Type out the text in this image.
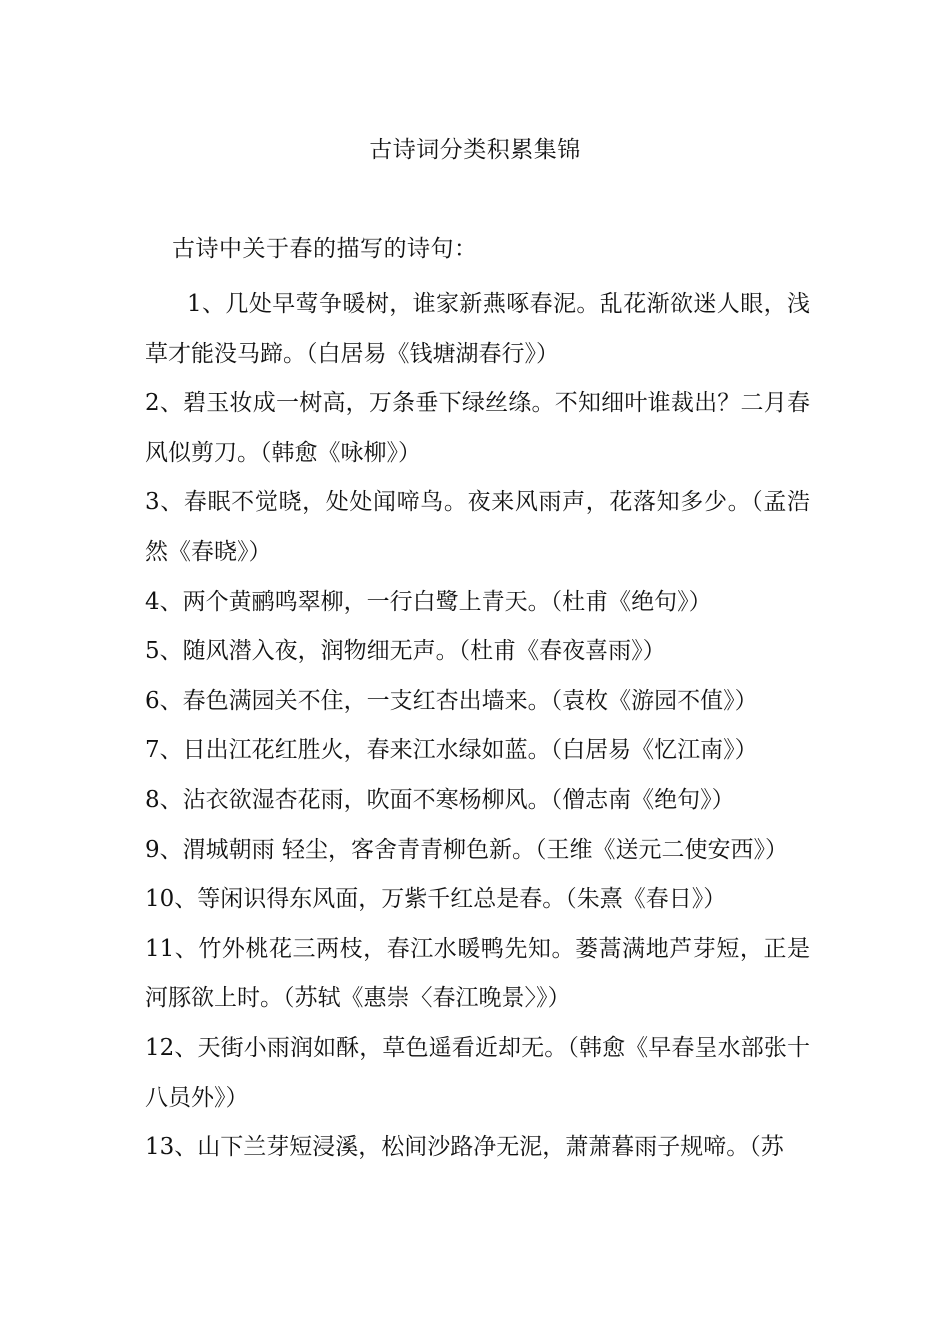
古诗词分类积累集锦
古诗中关于春的描写的诗句：

1、几处早莺争暖树，谁家新燕啄春泥。乱花渐欲迷人眼，浅草才能没马蹄。（白居易《钱塘湖春行》）

2、碧玉妆成一树高，万条垂下绿丝绦。不知细叶谁裁出？二月春风似剪刀。（韩愈《咏柳》）

3、春眠不觉晓，处处闻啼鸟。夜来风雨声，花落知多少。（孟浩然《春晓》）

4、两个黄鹂鸣翠柳，一行白鹭上青天。（杜甫《绝句》）

5、随风潜入夜，润物细无声。（杜甫《春夜喜雨》）

6、春色满园关不住，一支红杏出墙来。（袁枚《游园不值》）

7、日出江花红胜火，春来江水绿如蓝。（白居易《忆江南》）

8、沾衣欲湿杏花雨，吹面不寒杨柳风。（僧志南《绝句》）

9、渭城朝雨 轻尘，客舍青青柳色新。（王维《送元二使安西》）

10、等闲识得东风面，万紫千红总是春。（朱熹《春日》）

11、竹外桃花三两枝，春江水暖鸭先知。蒌蒿满地芦芽短，正是河豚欲上时。（苏轼《惠崇〈春江晚景〉》）

12、天街小雨润如酥，草色遥看近却无。（韩愈《早春呈水部张十八员外》）

13、山下兰芽短浸溪，松间沙路净无泥，萧萧暮雨子规啼。（苏
